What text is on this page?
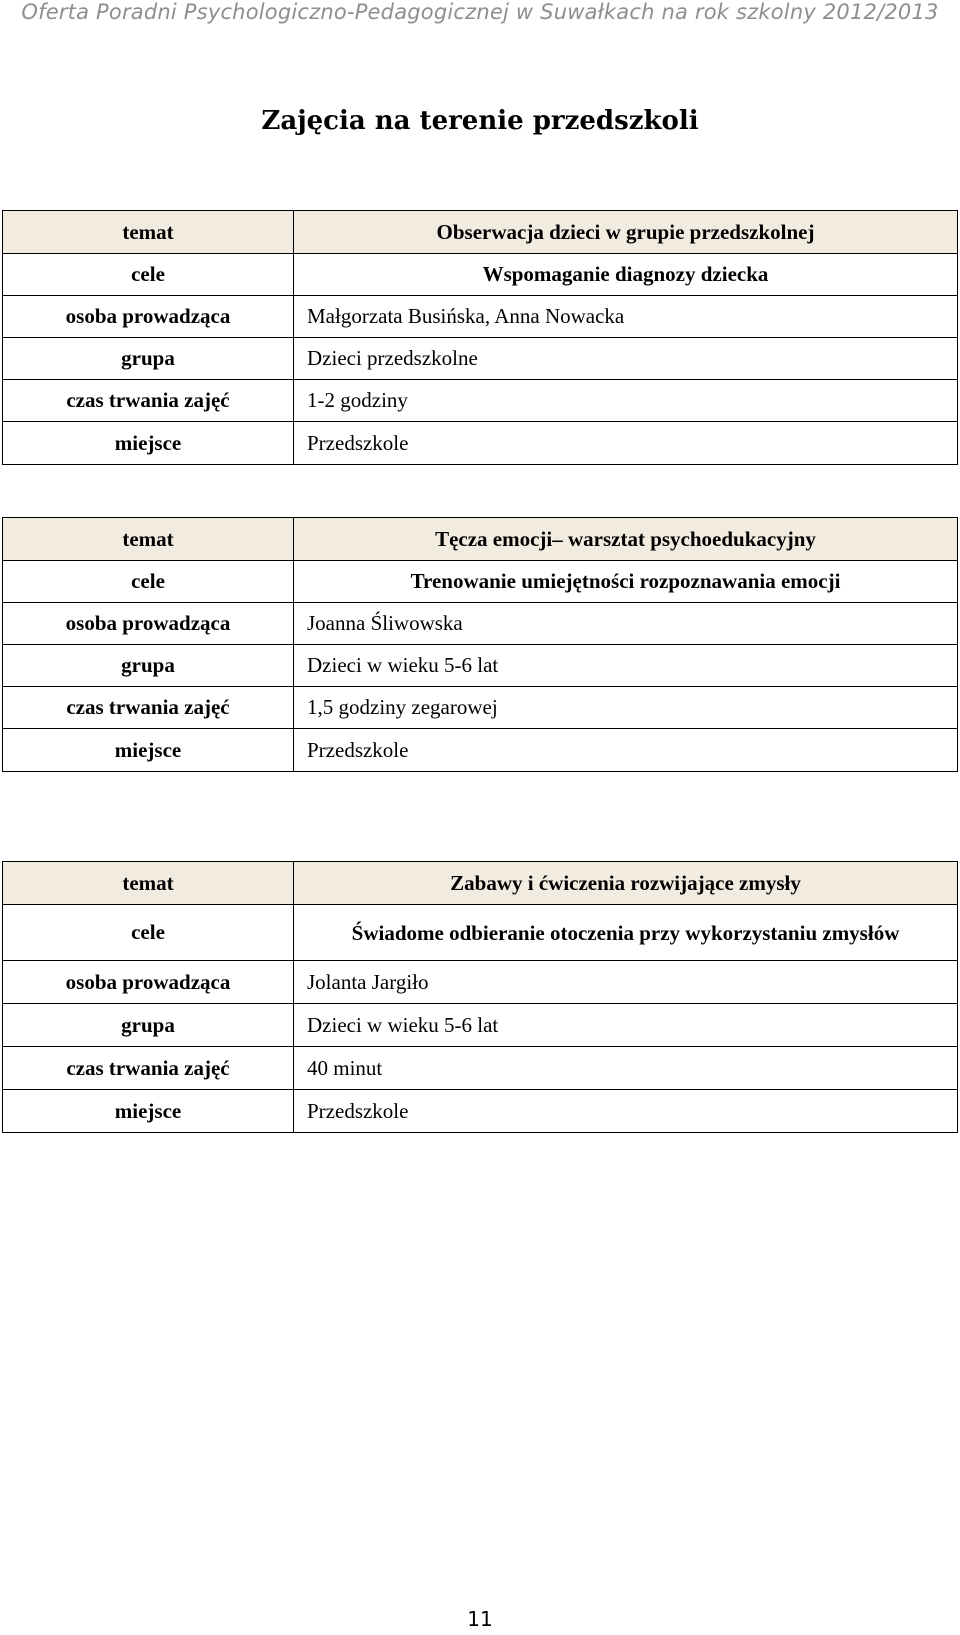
Oferta Poradni Psychologiczno-Pedagogicznej w Suwałkach na rok szkolny 2012/2013
Zajęcia na terenie przedszkoli
temat	Obserwacja dzieci w grupie przedszkolnej
cele	Wspomaganie diagnozy dziecka
osoba prowadząca	Małgorzata Busińska, Anna Nowacka
grupa	Dzieci przedszkolne
czas trwania zajęć	1-2 godziny
miejsce	Przedszkole
temat	Tęcza emocji– warsztat psychoedukacyjny
cele	Trenowanie umiejętności rozpoznawania emocji
osoba prowadząca	Joanna Śliwowska
grupa	Dzieci w wieku 5-6 lat
czas trwania zajęć	1,5 godziny zegarowej
miejsce	Przedszkole
temat	Zabawy i ćwiczenia rozwijające zmysły
cele	Świadome odbieranie otoczenia przy wykorzystaniu zmysłów
osoba prowadząca	Jolanta Jargiło
grupa	Dzieci w wieku 5-6 lat
czas trwania zajęć	40 minut
miejsce	Przedszkole
11
